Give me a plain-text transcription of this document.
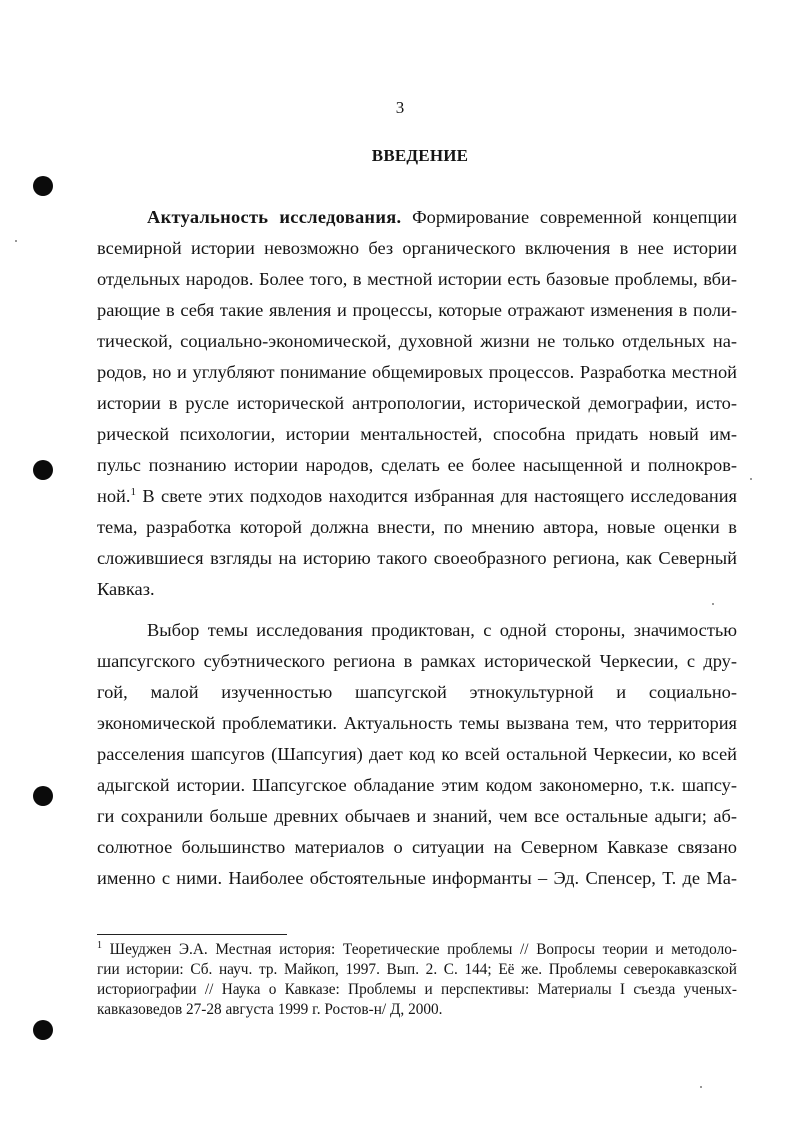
3
ВВЕДЕНИЕ
Актуальность исследования. Формирование современной концепции
всемирной истории невозможно без органического включения в нее истории
отдельных народов. Более того, в местной истории есть базовые проблемы, вби-
рающие в себя такие явления и процессы, которые отражают изменения в поли-
тической, социально-экономической, духовной жизни не только отдельных на-
родов, но и углубляют понимание общемировых процессов. Разработка местной
истории в русле исторической антропологии, исторической демографии, исто-
рической психологии, истории ментальностей, способна придать новый им-
пульс познанию истории народов, сделать ее более насыщенной и полнокров-
ной.$^1$ В свете этих подходов находится избранная для настоящего исследования
тема, разработка которой должна внести, по мнению автора, новые оценки в
сложившиеся взгляды на историю такого своеобразного региона, как Северный
Кавказ.
Выбор темы исследования продиктован, с одной стороны, значимостью
шапсугского субэтнического региона в рамках исторической Черкесии, с дру-
гой, малой изученностью шапсугской этнокультурной и социально-
экономической проблематики. Актуальность темы вызвана тем, что территория
расселения шапсугов (Шапсугия) дает код ко всей остальной Черкесии, ко всей
адыгской истории. Шапсугское обладание этим кодом закономерно, т.к. шапсу-
ги сохранили больше древних обычаев и знаний, чем все остальные адыги; аб-
солютное большинство материалов о ситуации на Северном Кавказе связано
именно с ними. Наиболее обстоятельные информанты – Эд. Спенсер, Т. де Ма-
$^1$ Шеуджен Э.А. Местная история: Теоретические проблемы // Вопросы теории и методоло-
гии истории: Сб. науч. тр. Майкоп, 1997. Вып. 2. С. 144; Её же. Проблемы северокавказской
историографии // Наука о Кавказе: Проблемы и перспективы: Материалы I съезда ученых-
кавказоведов 27-28 августа 1999 г. Ростов-н/ Д, 2000.
